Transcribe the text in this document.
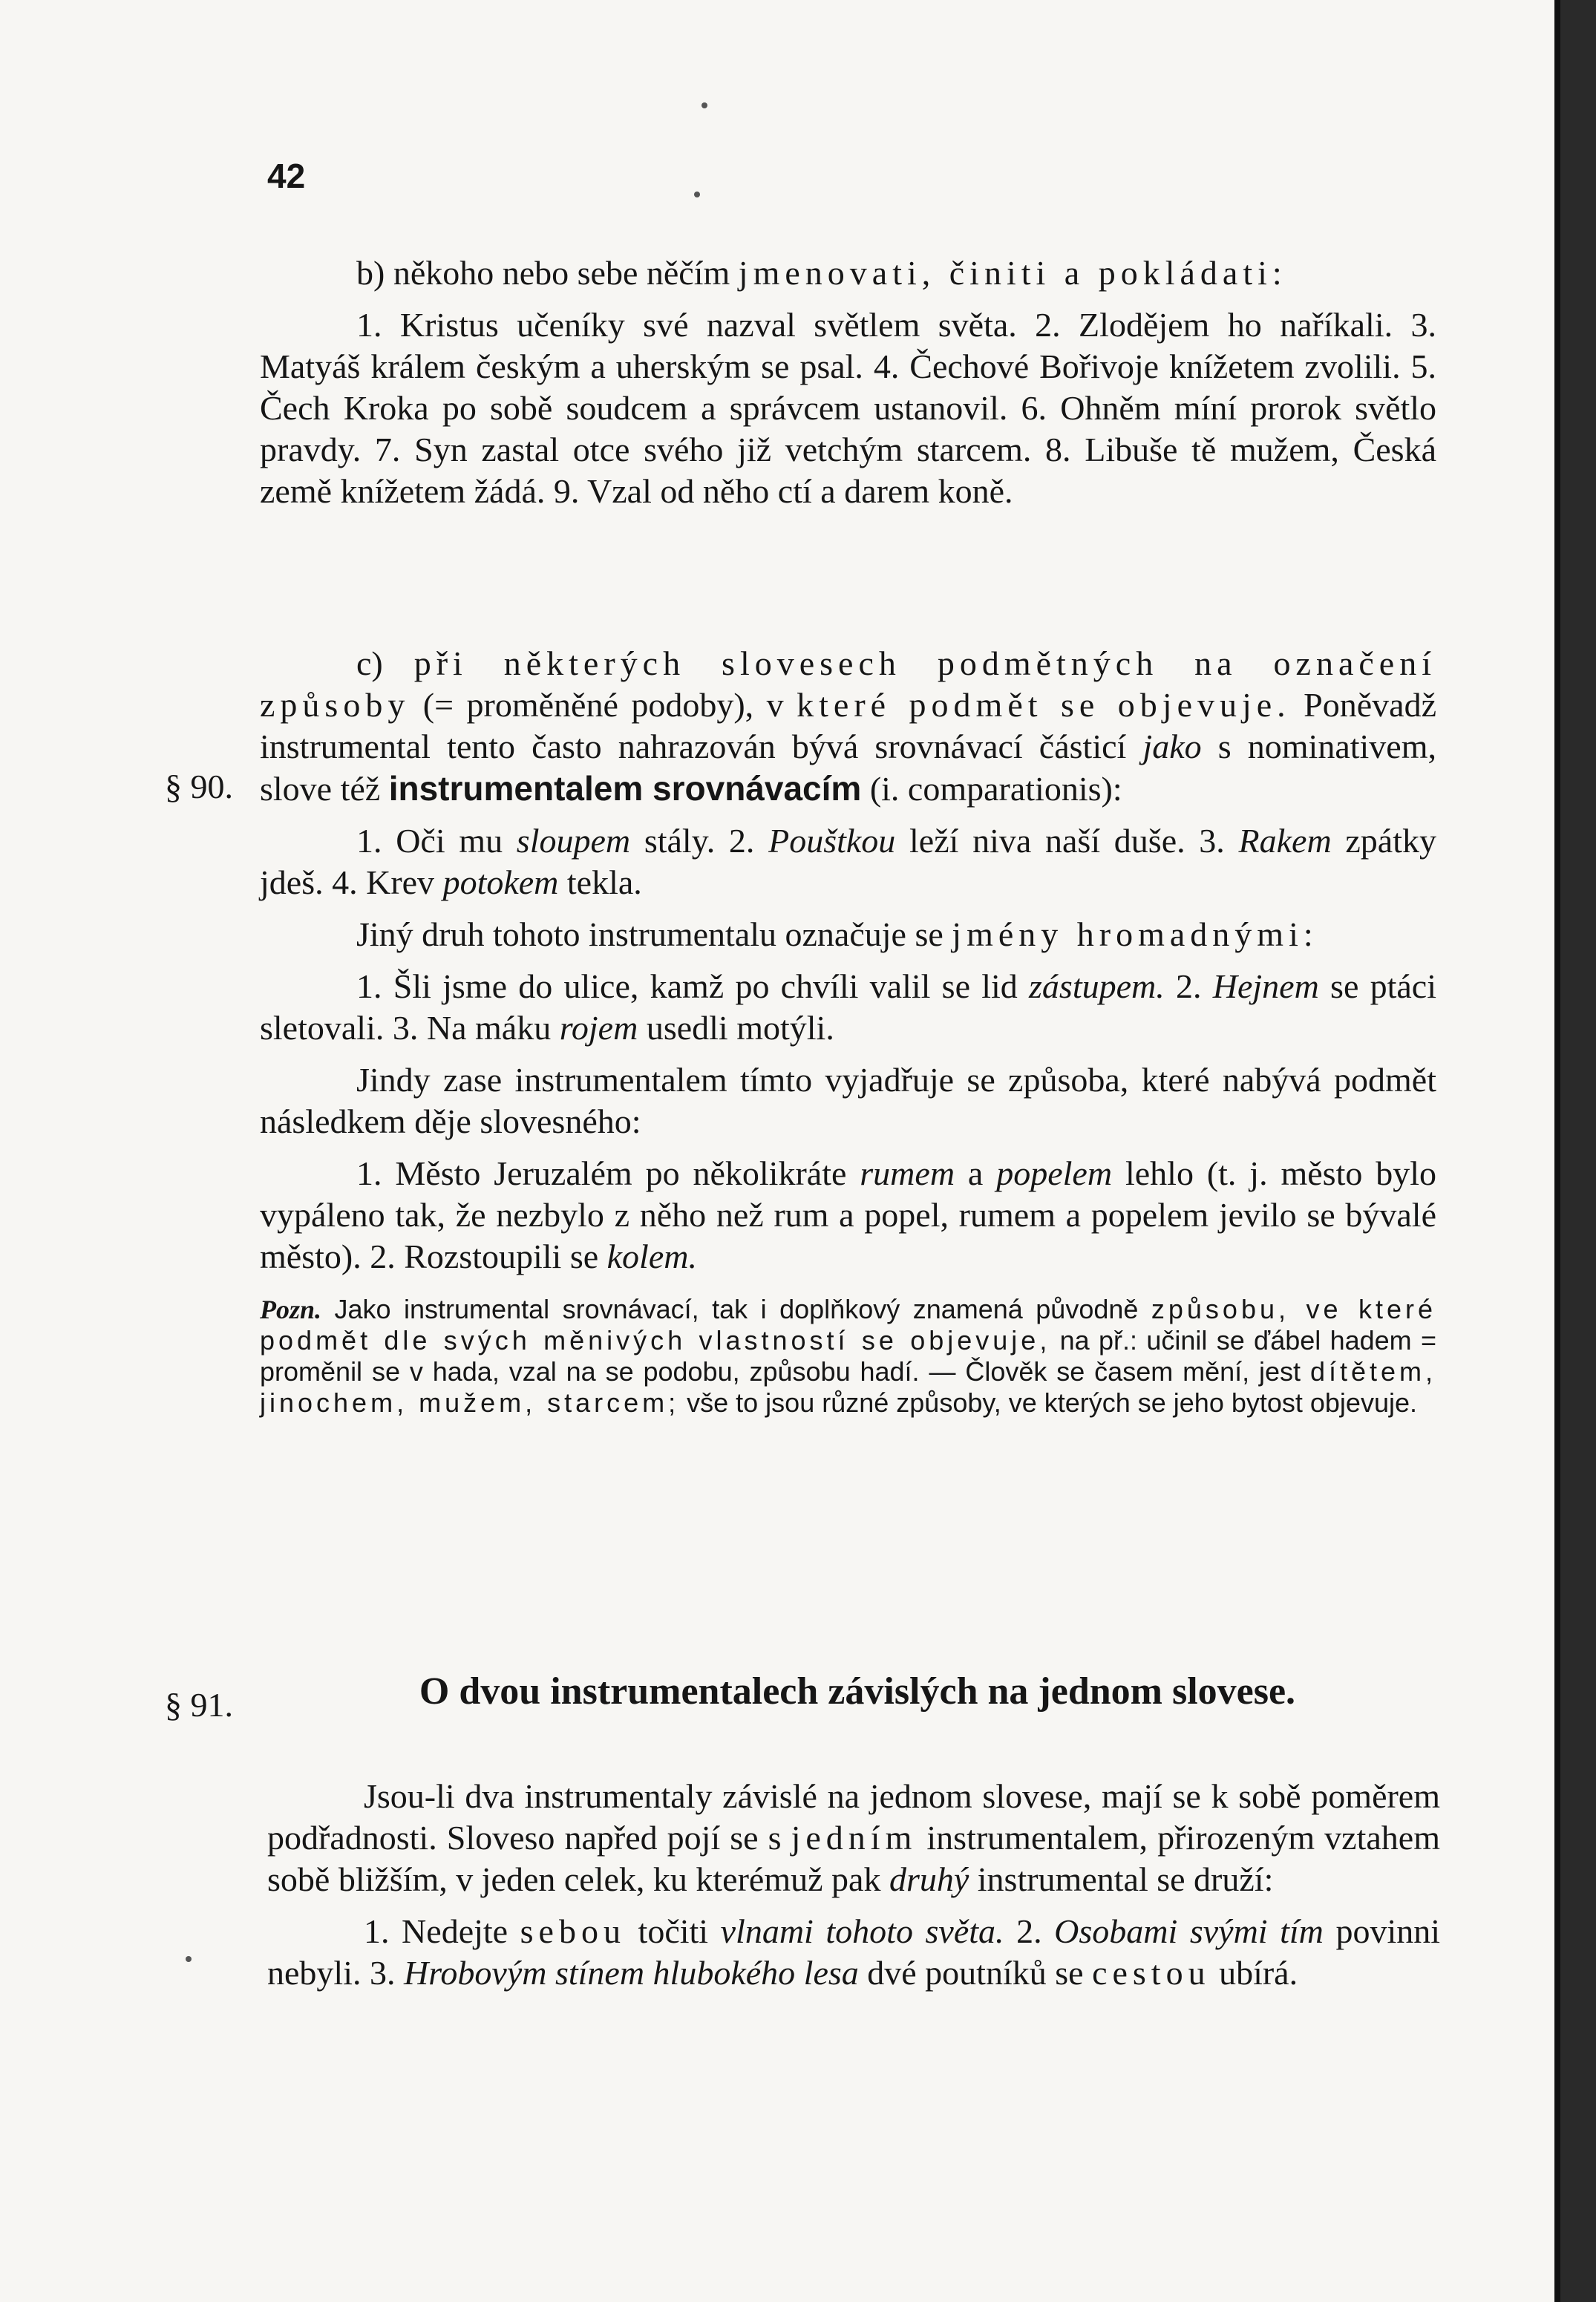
42

b) někoho nebo sebe něčím jmenovati, činiti a pokládati:

1. Kristus učeníky své nazval světlem světa. 2. Zlodějem ho naříkali. 3. Matyáš králem českým a uherským se psal. 4. Čechové Bořivoje knížetem zvolili. 5. Čech Kroka po sobě soudcem a správcem ustanovil. 6. Ohněm míní prorok světlo pravdy. 7. Syn zastal otce svého již vetchým starcem. 8. Libuše tě mužem, Česká země knížetem žádá. 9. Vzal od něho ctí a darem koně.

c) při některých slovesech podmětných na označení způsoby (= proměněné podoby), v které podmět se objevuje. Poněvadž instrumental tento často nahrazován bývá srovnávací částicí jako s nominativem, slove též instrumentalem srovnávacím (i. comparationis):

1. Oči mu sloupem stály. 2. Pouštkou leží niva naší duše. 3. Rakem zpátky jdeš. 4. Krev potokem tekla.

Jiný druh tohoto instrumentalu označuje se jmény hromadnými:

1. Šli jsme do ulice, kamž po chvíli valil se lid zástupem. 2. Hejnem se ptáci sletovali. 3. Na máku rojem usedli motýli.

Jindy zase instrumentalem tímto vyjadřuje se způsoba, které nabývá podmět následkem děje slovesného:

1. Město Jeruzalém po několikráte rumem a popelem lehlo (t. j. město bylo vypáleno tak, že nezbylo z něho než rum a popel, rumem a popelem jevilo se bývalé město). 2. Rozstoupili se kolem.

Pozn. Jako instrumental srovnávací, tak i doplňkový znamená původně způsobu, ve které podmět dle svých měnivých vlastností se objevuje, na př.: učinil se ďábel hadem = proměnil se v hada, vzal na se podobu, způsobu hadí. — Člověk se časem mění, jest dítětem, jinochem, mužem, starcem; vše to jsou různé způsoby, ve kterých se jeho bytost objevuje.

§ 90.
§ 91.	O dvou instrumentalech závislých na jednom slovese.

Jsou-li dva instrumentaly závislé na jednom slovese, mají se k sobě poměrem podřadnosti. Sloveso napřed pojí se s jedním instrumentalem, přirozeným vztahem sobě bližším, v jeden celek, ku kterémuž pak druhý instrumental se druží:

1. Nedejte sebou točiti vlnami tohoto světa. 2. Osobami svými tím povinni nebyli. 3. Hrobovým stínem hlubokého lesa dvé poutníků se cestou ubírá.
